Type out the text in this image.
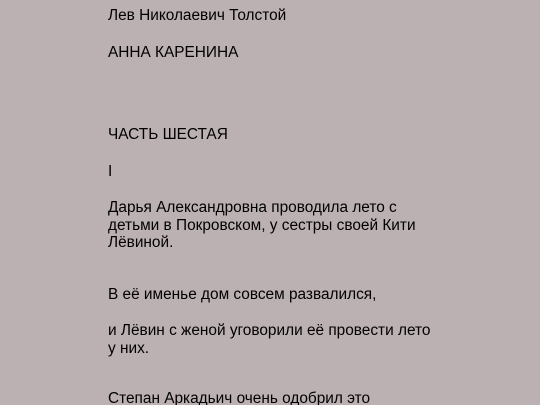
Лев Николаевич Толстой
АННА КАРЕНИНА
ЧАСТЬ ШЕСТАЯ
I
Дарья Александровна проводила лето с детьми в Покровском, у сестры своей Кити Лёвиной.
В её именье дом совсем развалился,
и Лёвин с женой уговорили её провести лето у них.
Степан Аркадьич очень одобрил это
